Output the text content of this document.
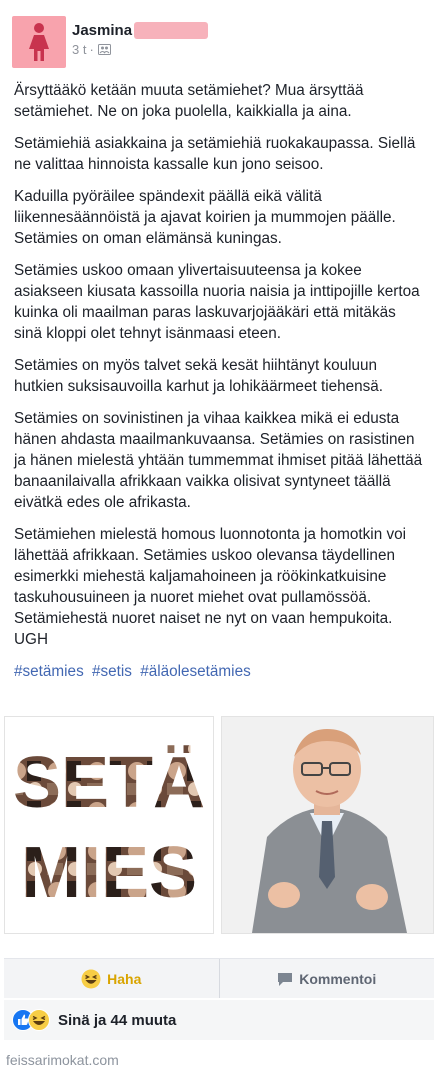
Jasmina
3 t ·

Ärsyttääkö ketään muuta setämiehet? Mua ärsyttää setämiehet. Ne on joka puolella, kaikkialla ja aina.

Setämiehiä asiakkaina ja setämiehiä ruokakaupassa. Siellä ne valittaa hinnoista kassalle kun jono seisoo.

Kaduilla pyöräilee spändexit päällä eikä välitä liikennesäännöistä ja ajavat koirien ja mummojen päälle. Setämies on oman elämänsä kuningas.

Setämies uskoo omaan ylivertaisuuteensa ja kokee asiakseen kiusata kassoilla nuoria naisia ja inttipojille kertoa kuinka oli maailman paras laskuvarjojääkäri että mitäkäs sinä kloppi olet tehnyt isänmaasi eteen.

Setämies on myös talvet sekä kesät hiihtänyt kouluun hutkien suksisauvoilla karhut ja lohikäärmeet tiehensä.

Setämies on sovinistinen ja vihaa kaikkea mikä ei edusta hänen ahdasta maailmankuvaansa. Setämies on rasistinen ja hänen mielestä yhtään tummemmat ihmiset pitää lähettää banaanilaivalla afrikkaan vaikka olisivat syntyneet täällä eivätkä edes ole afrikasta.

Setämiehen mielestä homous luonnotonta ja homotkin voi lähettää afrikkaan. Setämies uskoo olevansa täydellinen esimerkki miehestä kaljamahoineen ja röökinkatkuisine taskuhousuineen ja nuoret miehet ovat pullamössöä. Setämiehestä nuoret naiset ne nyt on vaan hempukoita. UGH

#setämies #setis #äläolesetämies

SETÄ
MIES
Haha	Kommentoi
Sinä ja 44 muuta
feissarimokat.com
